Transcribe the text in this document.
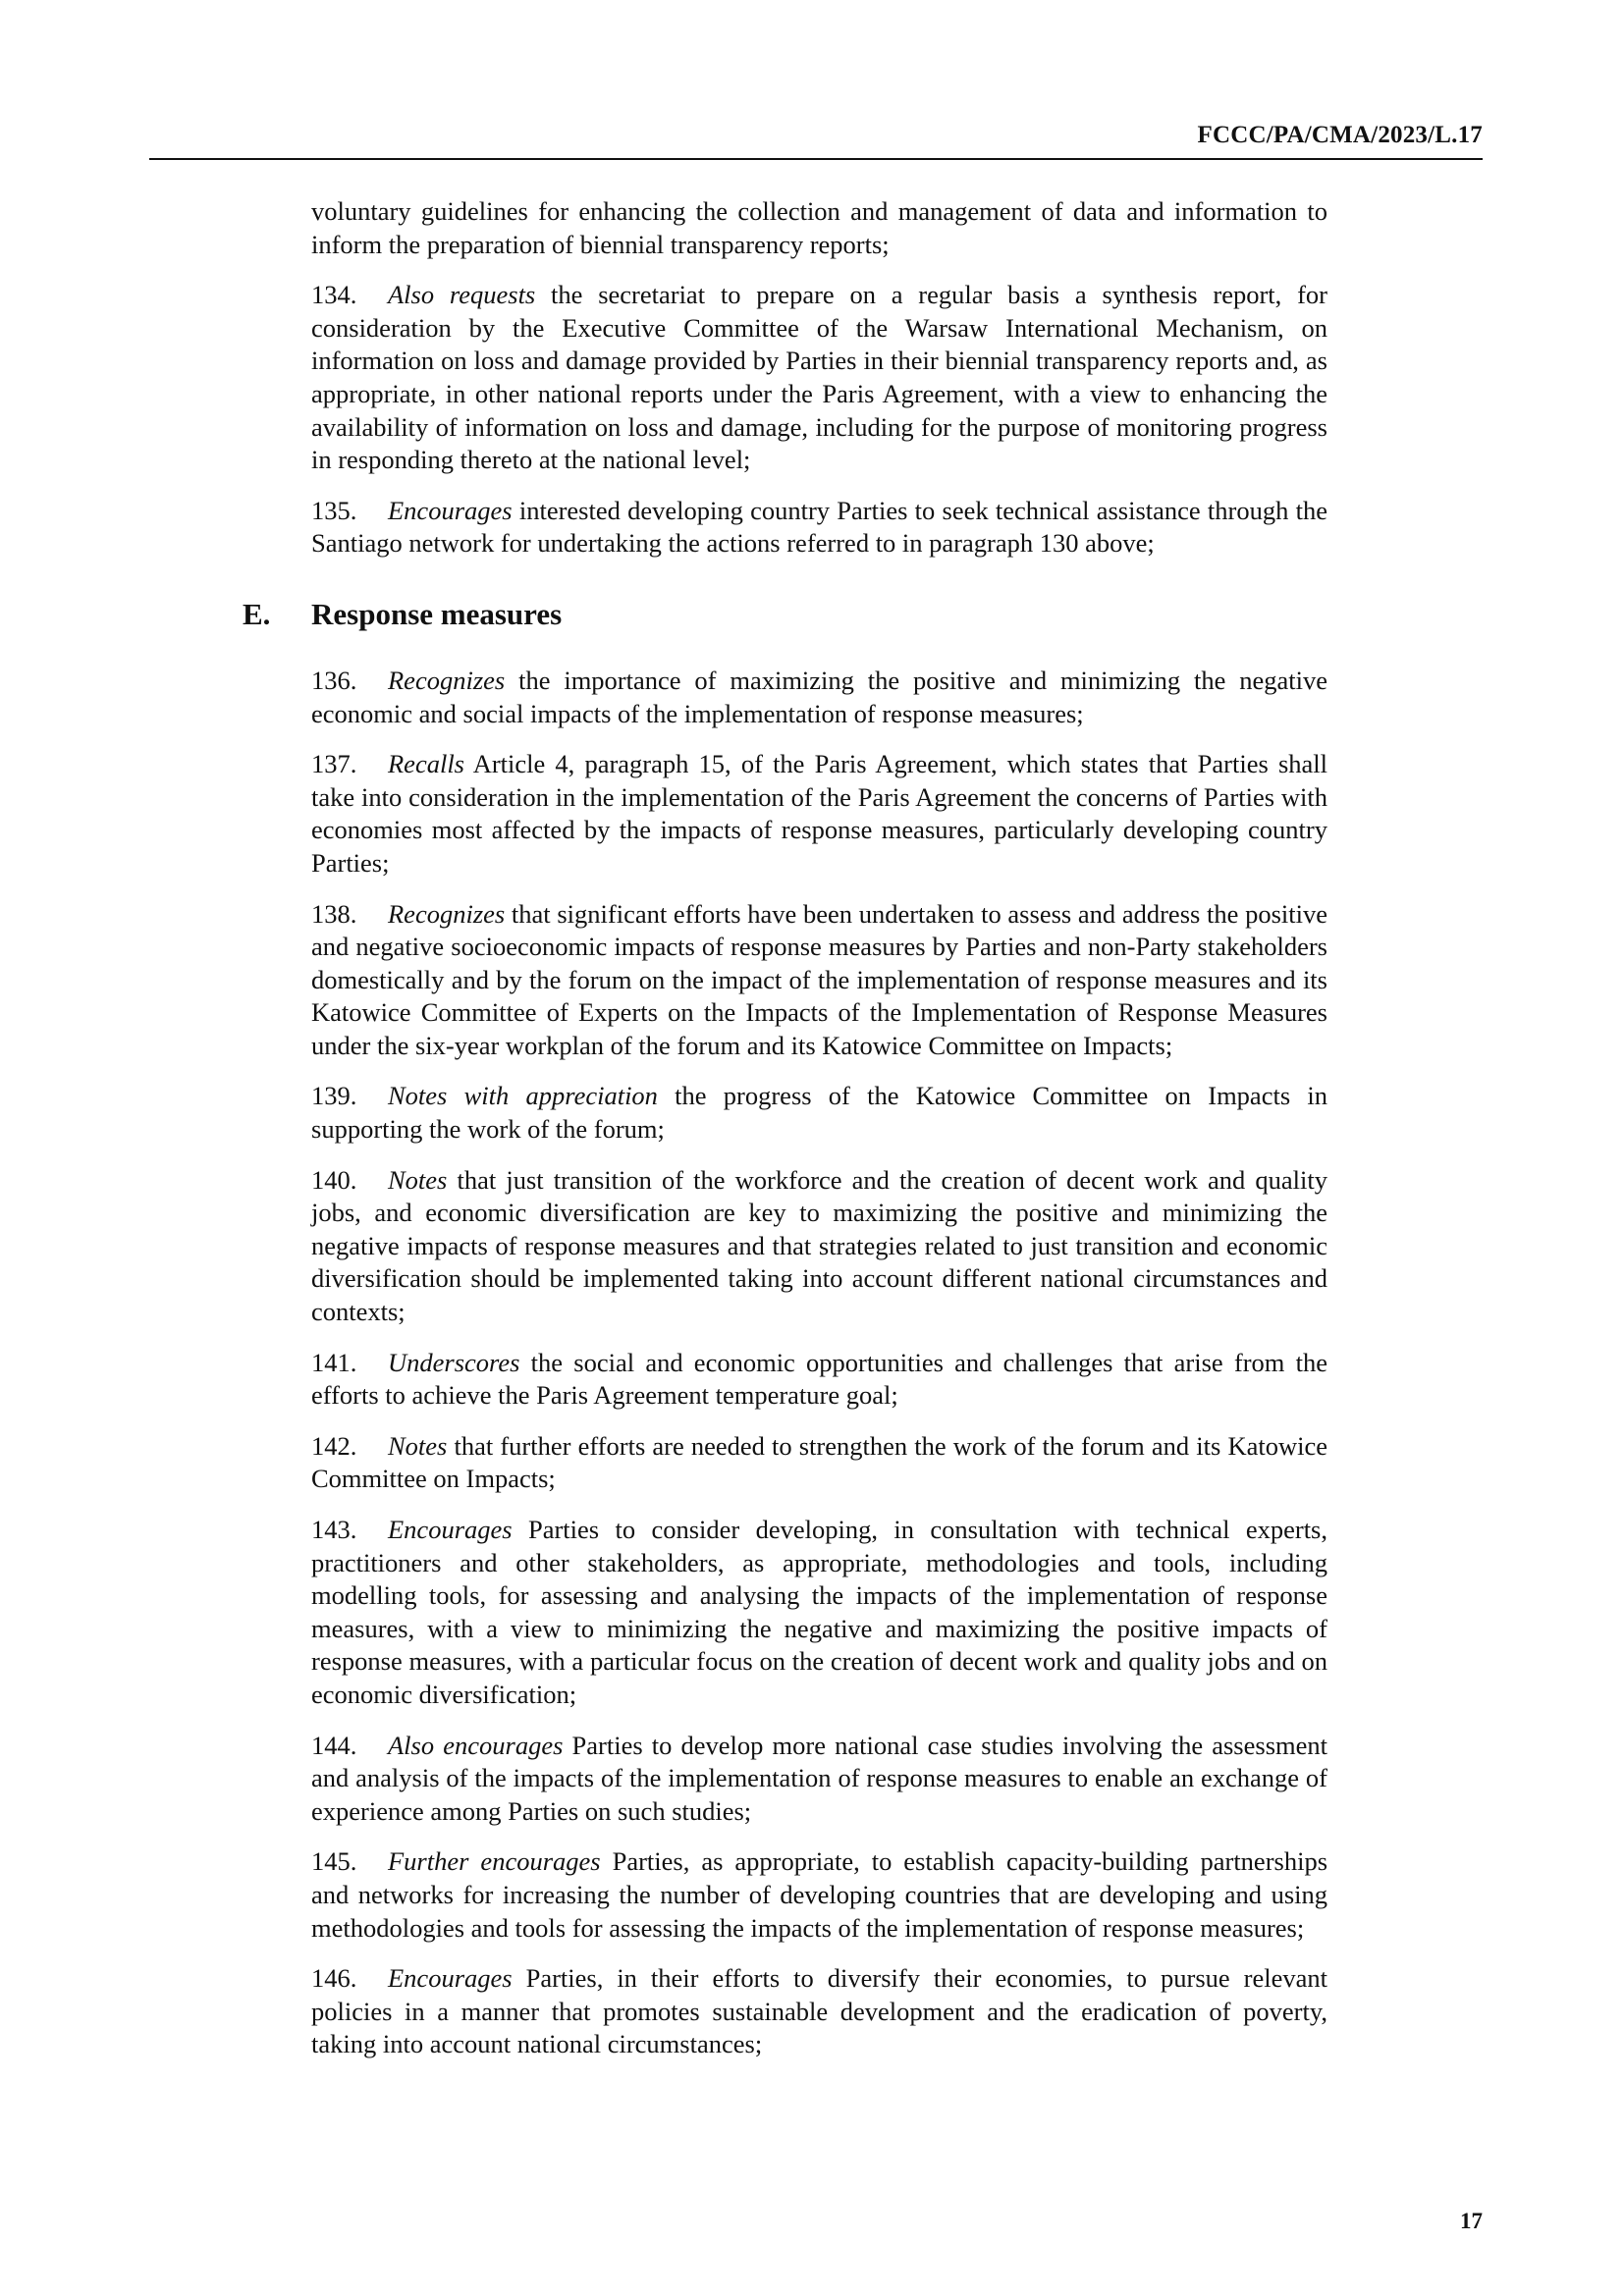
FCCC/PA/CMA/2023/L.17

voluntary guidelines for enhancing the collection and management of data and information to inform the preparation of biennial transparency reports;

134. Also requests the secretariat to prepare on a regular basis a synthesis report, for consideration by the Executive Committee of the Warsaw International Mechanism, on information on loss and damage provided by Parties in their biennial transparency reports and, as appropriate, in other national reports under the Paris Agreement, with a view to enhancing the availability of information on loss and damage, including for the purpose of monitoring progress in responding thereto at the national level;

135. Encourages interested developing country Parties to seek technical assistance through the Santiago network for undertaking the actions referred to in paragraph 130 above;

E. Response measures

136. Recognizes the importance of maximizing the positive and minimizing the negative economic and social impacts of the implementation of response measures;

137. Recalls Article 4, paragraph 15, of the Paris Agreement, which states that Parties shall take into consideration in the implementation of the Paris Agreement the concerns of Parties with economies most affected by the impacts of response measures, particularly developing country Parties;

138. Recognizes that significant efforts have been undertaken to assess and address the positive and negative socioeconomic impacts of response measures by Parties and non-Party stakeholders domestically and by the forum on the impact of the implementation of response measures and its Katowice Committee of Experts on the Impacts of the Implementation of Response Measures under the six-year workplan of the forum and its Katowice Committee on Impacts;

139. Notes with appreciation the progress of the Katowice Committee on Impacts in supporting the work of the forum;

140. Notes that just transition of the workforce and the creation of decent work and quality jobs, and economic diversification are key to maximizing the positive and minimizing the negative impacts of response measures and that strategies related to just transition and economic diversification should be implemented taking into account different national circumstances and contexts;

141. Underscores the social and economic opportunities and challenges that arise from the efforts to achieve the Paris Agreement temperature goal;

142. Notes that further efforts are needed to strengthen the work of the forum and its Katowice Committee on Impacts;

143. Encourages Parties to consider developing, in consultation with technical experts, practitioners and other stakeholders, as appropriate, methodologies and tools, including modelling tools, for assessing and analysing the impacts of the implementation of response measures, with a view to minimizing the negative and maximizing the positive impacts of response measures, with a particular focus on the creation of decent work and quality jobs and on economic diversification;

144. Also encourages Parties to develop more national case studies involving the assessment and analysis of the impacts of the implementation of response measures to enable an exchange of experience among Parties on such studies;

145. Further encourages Parties, as appropriate, to establish capacity-building partnerships and networks for increasing the number of developing countries that are developing and using methodologies and tools for assessing the impacts of the implementation of response measures;

146. Encourages Parties, in their efforts to diversify their economies, to pursue relevant policies in a manner that promotes sustainable development and the eradication of poverty, taking into account national circumstances;

17
